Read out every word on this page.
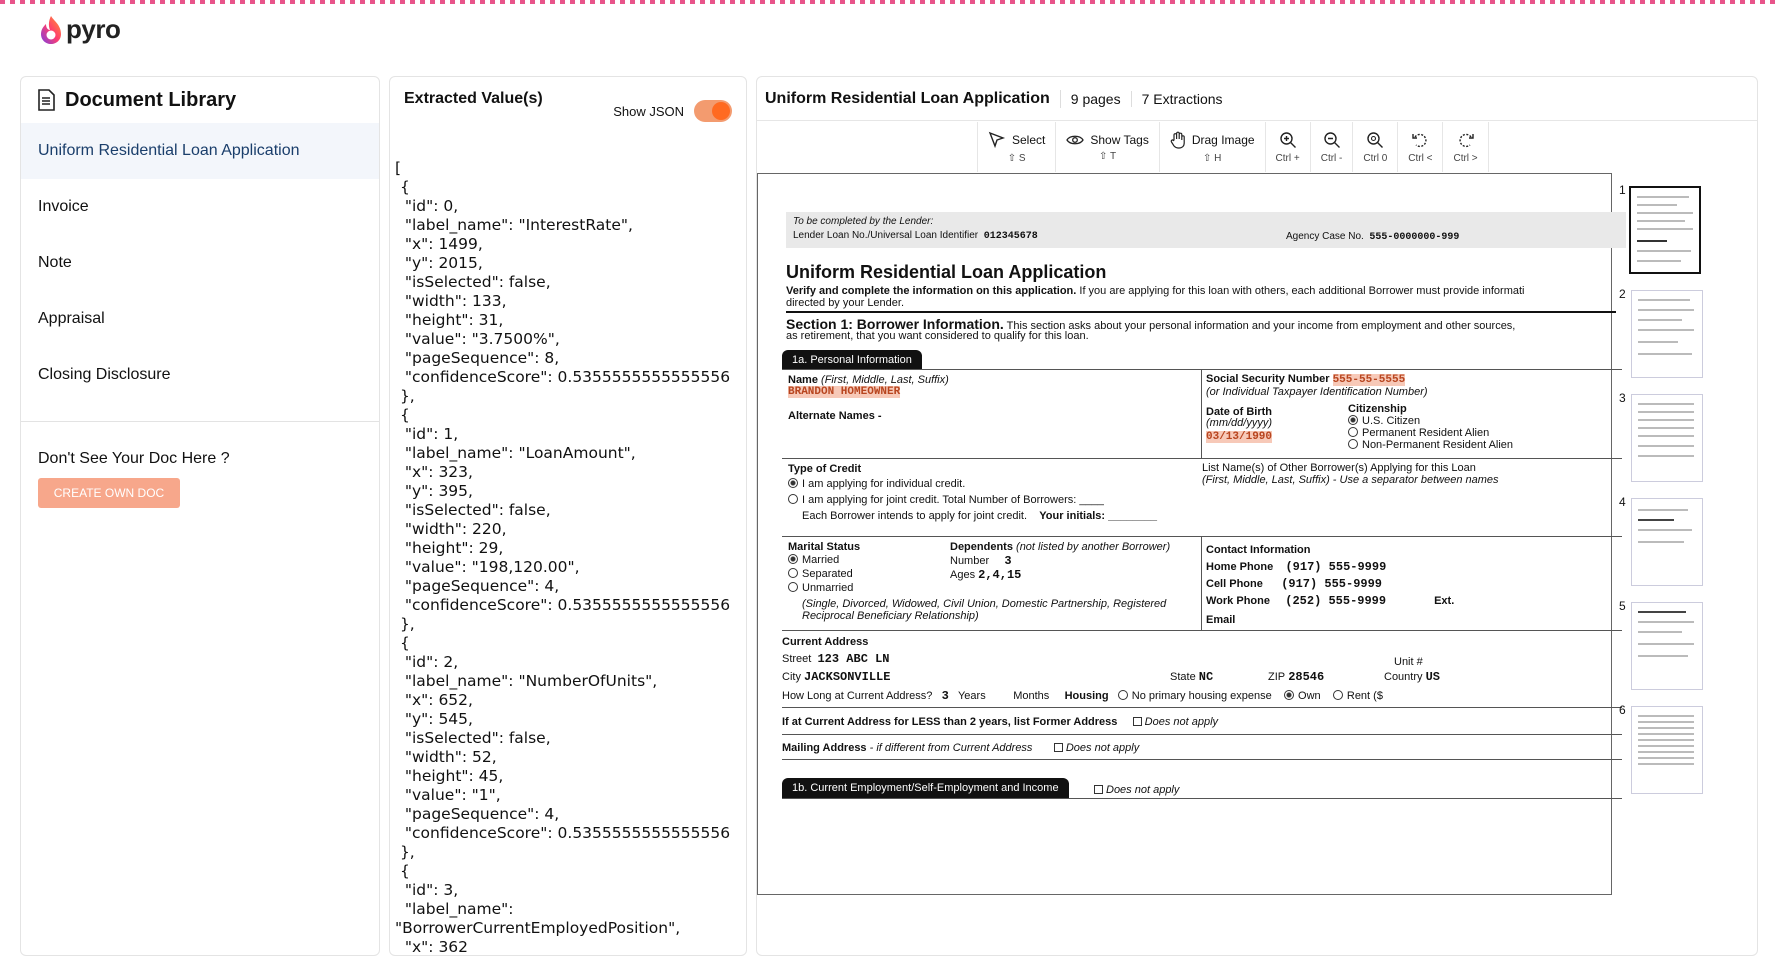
pyro
Document Library
Uniform Residential Loan Application
Invoice
Note
Appraisal
Closing Disclosure
Don't See Your Doc Here ?
CREATE OWN DOC
Extracted Value(s)
Show JSON
[
{
"id": 0,
"label_name": "InterestRate",
"x": 1499,
"y": 2015,
"isSelected": false,
"width": 133,
"height": 31,
"value": "3.7500%",
"pageSequence": 8,
"confidenceScore": 0.5355555555555556
},
{
"id": 1,
"label_name": "LoanAmount",
"x": 323,
"y": 395,
"isSelected": false,
"width": 220,
"height": 29,
"value": "198,120.00",
"pageSequence": 4,
"confidenceScore": 0.5355555555555556
},
{
"id": 2,
"label_name": "NumberOfUnits",
"x": 652,
"y": 545,
"isSelected": false,
"width": 52,
"height": 45,
"value": "1",
"pageSequence": 4,
"confidenceScore": 0.5355555555555556
},
{
"id": 3,
"label_name":
"BorrowerCurrentEmployedPosition",
"x": 362
Uniform Residential Loan Application	9 pages	7 Extractions
Select
⇧ S
Show Tags
⇧ T
Drag Image
⇧ H	Ctrl + Ctrl - Ctrl 0 Ctrl < Ctrl >
To be completed by the Lender:
Lender Loan No./Universal Loan Identifier 012345678	Agency Case No. 555-0000000-999
Uniform Residential Loan Application
Verify and complete the information on this application. If you are applying for this loan with others, each additional Borrower must provide informati
directed by your Lender.
Section 1: Borrower Information. This section asks about your personal information and your income from employment and other sources,
as retirement, that you want considered to qualify for this loan.
1a. Personal Information
Name (First, Middle, Last, Suffix)
BRANDON HOMEOWNER
Alternate Names -
Social Security Number 555-55-5555
(or Individual Taxpayer Identification Number)
Date of Birth
(mm/dd/yyyy)
03/13/1990
Citizenship
U.S. Citizen
Permanent Resident Alien
Non-Permanent Resident Alien
Type of Credit
I am applying for individual credit.
I am applying for joint credit. Total Number of Borrowers: ____
Each Borrower intends to apply for joint credit. Your initials: ________
List Name(s) of Other Borrower(s) Applying for this Loan
(First, Middle, Last, Suffix) - Use a separator between names
Marital Status
Married
Separated
Unmarried
(Single, Divorced, Widowed, Civil Union, Domestic Partnership, Registered
Reciprocal Beneficiary Relationship)
Dependents (not listed by another Borrower)
Number 3
Ages 2,4,15
Contact Information
Home Phone (917) 555-9999
Cell Phone (917) 555-9999
Work Phone (252) 555-9999	Ext.
Email
Current Address
Street 123 ABC LN	Unit #
City JACKSONVILLE	State NC	ZIP 28546	Country US
How Long at Current Address? 3 Years	Months Housing No primary housing expense Own Rent ($
If at Current Address for LESS than 2 years, list Former Address Does not apply
Mailing Address - if different from Current Address	Does not apply
1b. Current Employment/Self-Employment and Income	Does not apply
1
2
3
4
5
6
